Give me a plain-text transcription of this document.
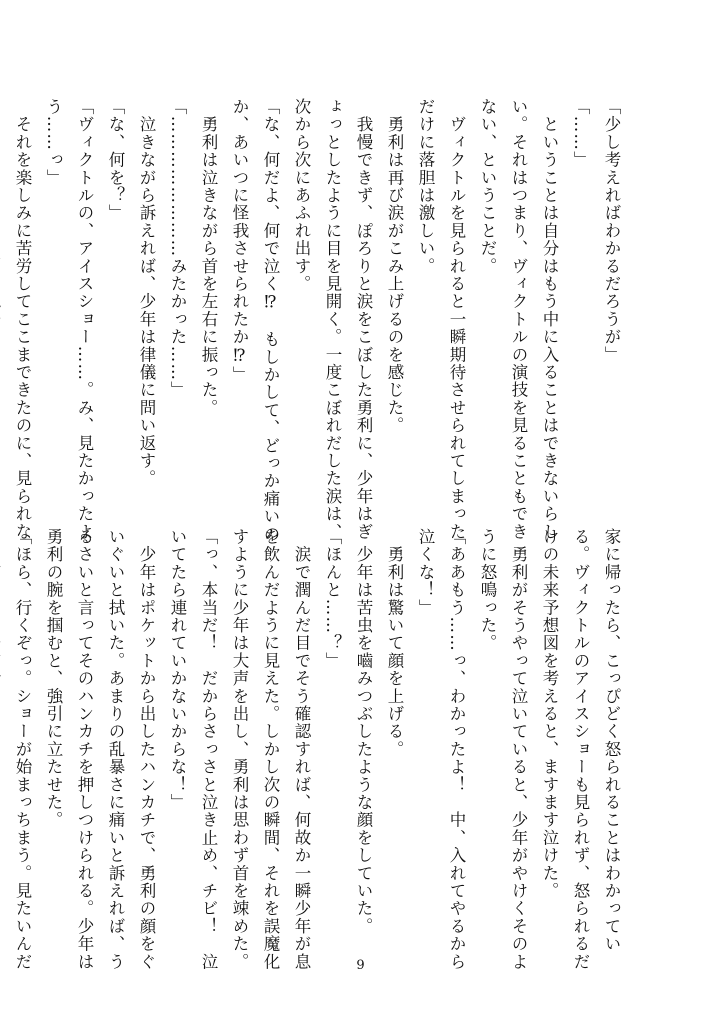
「少し考えればわかるだろうが」
「……」
　ということは自分はもう中に入ることはできないらし
い。それはつまり、ヴィクトルの演技を見ることもでき
ない、ということだ。
　ヴィクトルを見られると一瞬期待させられてしまった
だけに落胆は激しい。
　勇利は再び涙がこみ上げるのを感じた。
　我慢できず、ぽろりと涙をこぼした勇利に、少年はぎ
ょっとしたように目を見開く。一度こぼれだした涙は、
次から次にあふれ出す。
「な、何だよ、何で泣く⁉　もしかして、どっか痛いの
か、あいつに怪我させられたか⁉」
　勇利は泣きながら首を左右に振った。
「……………………みたかった……」
　泣きながら訴えれば、少年は律儀に問い返す。
「な、何を？」
「ヴィクトルの、アイスショー……。み、見たかったよ
う……っ」
　それを楽しみに苦労してここまできたのに、見られな
家に帰ったら、こっぴどく怒られることはわかってい
る。ヴィクトルのアイスショーも見られず、怒られるだ
けの未来予想図を考えると、ますます泣けた。
　勇利がそうやって泣いていると、少年がやけくそのよ
うに怒鳴った。
「ああもう……っ、わかったよ！　中、入れてやるから
泣くな！」
　勇利は驚いて顔を上げる。
　少年は苦虫を嚙みつぶしたような顔をしていた。
「ほんと……？」
　涙で潤んだ目でそう確認すれば、何故か一瞬少年が息
を飲んだように見えた。しかし次の瞬間、それを誤魔化
すように少年は大声を出し、勇利は思わず首を竦めた。
「っ、本当だ！　だからさっさと泣き止め、チビ！　泣
いてたら連れていかないからな！」
　少年はポケットから出したハンカチで、勇利の顔をぐ
いぐいと拭いた。あまりの乱暴さに痛いと訴えれば、う
るさいと言ってそのハンカチを押しつけられる。少年は
勇利の腕を掴むと、強引に立たせた。
「ほら、行くぞっ。ショーが始まっちまう。見たいんだ	9
